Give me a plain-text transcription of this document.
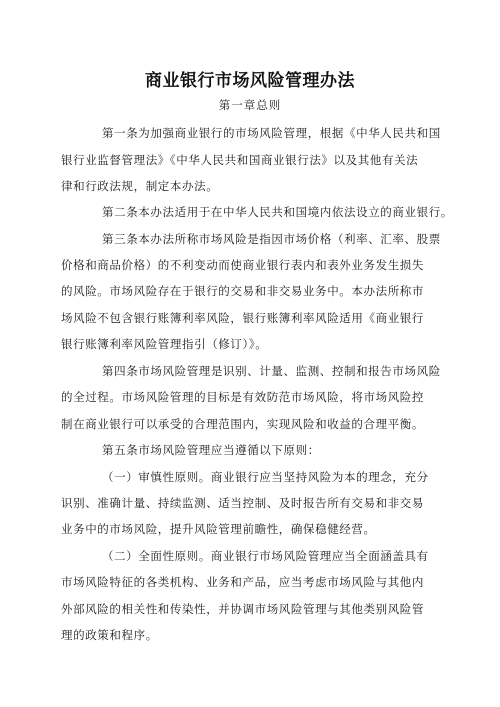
商业银行市场风险管理办法
第一章总则
第一条为加强商业银行的市场风险管理，根据《中华人民共和国
银行业监督管理法》《中华人民共和国商业银行法》以及其他有关法
律和行政法规，制定本办法。
第二条本办法适用于在中华人民共和国境内依法设立的商业银行。
第三条本办法所称市场风险是指因市场价格（利率、汇率、股票
价格和商品价格）的不利变动而使商业银行表内和表外业务发生损失
的风险。市场风险存在于银行的交易和非交易业务中。本办法所称市
场风险不包含银行账簿利率风险，银行账簿利率风险适用《商业银行
银行账簿利率风险管理指引（修订）》。
第四条市场风险管理是识别、计量、监测、控制和报告市场风险
的全过程。市场风险管理的目标是有效防范市场风险，将市场风险控
制在商业银行可以承受的合理范围内，实现风险和收益的合理平衡。
第五条市场风险管理应当遵循以下原则：
（一）审慎性原则。商业银行应当坚持风险为本的理念，充分
识别、准确计量、持续监测、适当控制、及时报告所有交易和非交易
业务中的市场风险，提升风险管理前瞻性，确保稳健经营。
（二）全面性原则。商业银行市场风险管理应当全面涵盖具有
市场风险特征的各类机构、业务和产品，应当考虑市场风险与其他内
外部风险的相关性和传染性，并协调市场风险管理与其他类别风险管
理的政策和程序。
